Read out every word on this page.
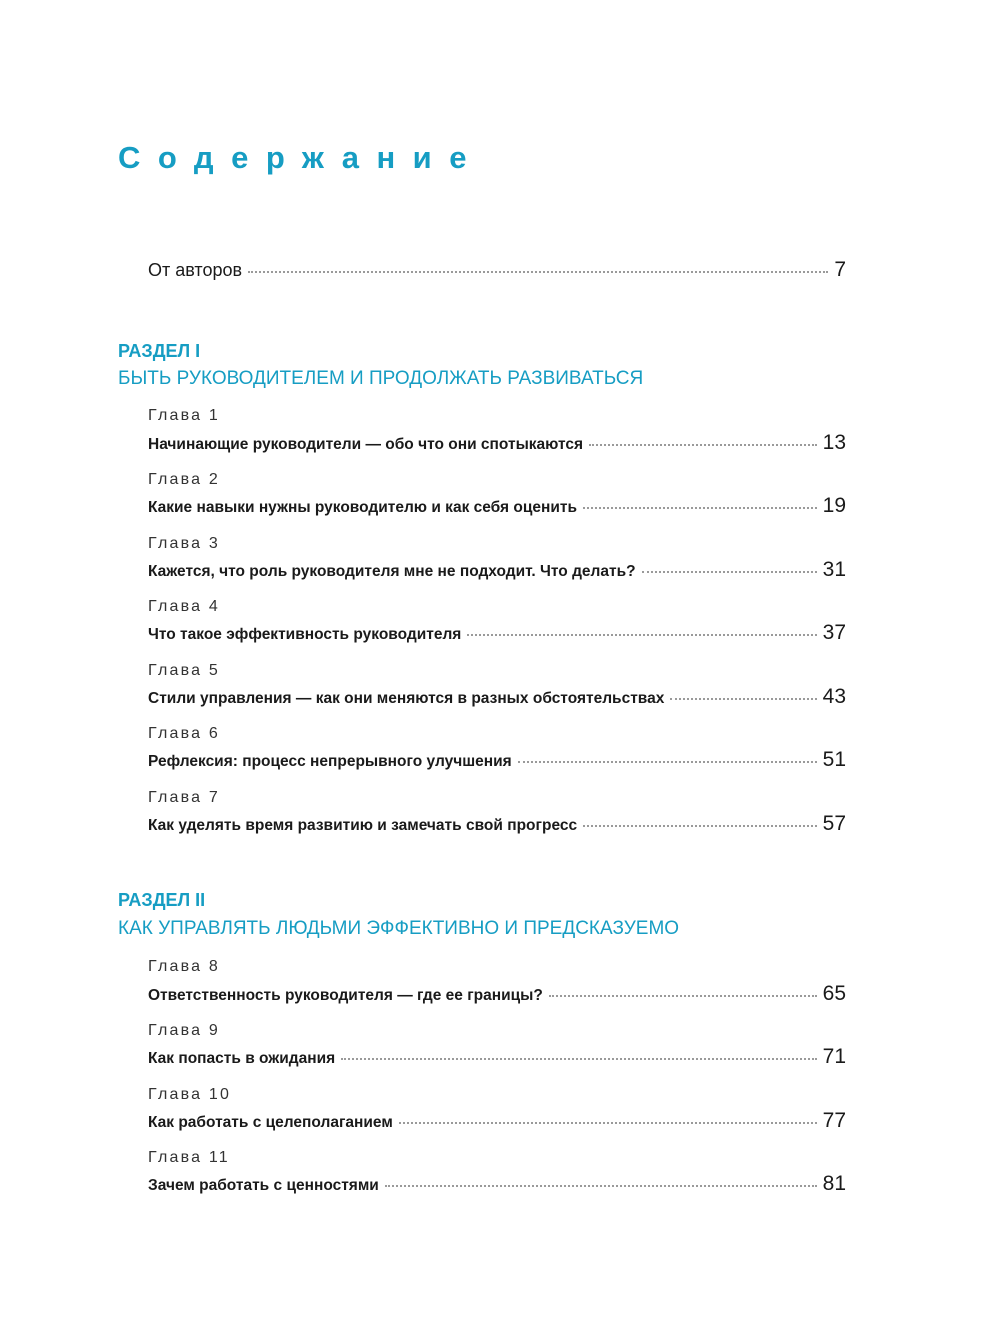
Содержание
От авторов	7
РАЗДЕЛ I
БЫТЬ РУКОВОДИТЕЛЕМ И ПРОДОЛЖАТЬ РАЗВИВАТЬСЯ
Глава 1
Начинающие руководители — обо что они спотыкаются	13
Глава 2
Какие навыки нужны руководителю и как себя оценить	19
Глава 3
Кажется, что роль руководителя мне не подходит. Что делать?	31
Глава 4
Что такое эффективность руководителя	37
Глава 5
Стили управления — как они меняются в разных обстоятельствах	43
Глава 6
Рефлексия: процесс непрерывного улучшения	51
Глава 7
Как уделять время развитию и замечать свой прогресс	57
РАЗДЕЛ II
КАК УПРАВЛЯТЬ ЛЮДЬМИ ЭФФЕКТИВНО И ПРЕДСКАЗУЕМО
Глава 8
Ответственность руководителя — где ее границы?	65
Глава 9
Как попасть в ожидания	71
Глава 10
Как работать с целеполаганием	77
Глава 11
Зачем работать с ценностями	81
